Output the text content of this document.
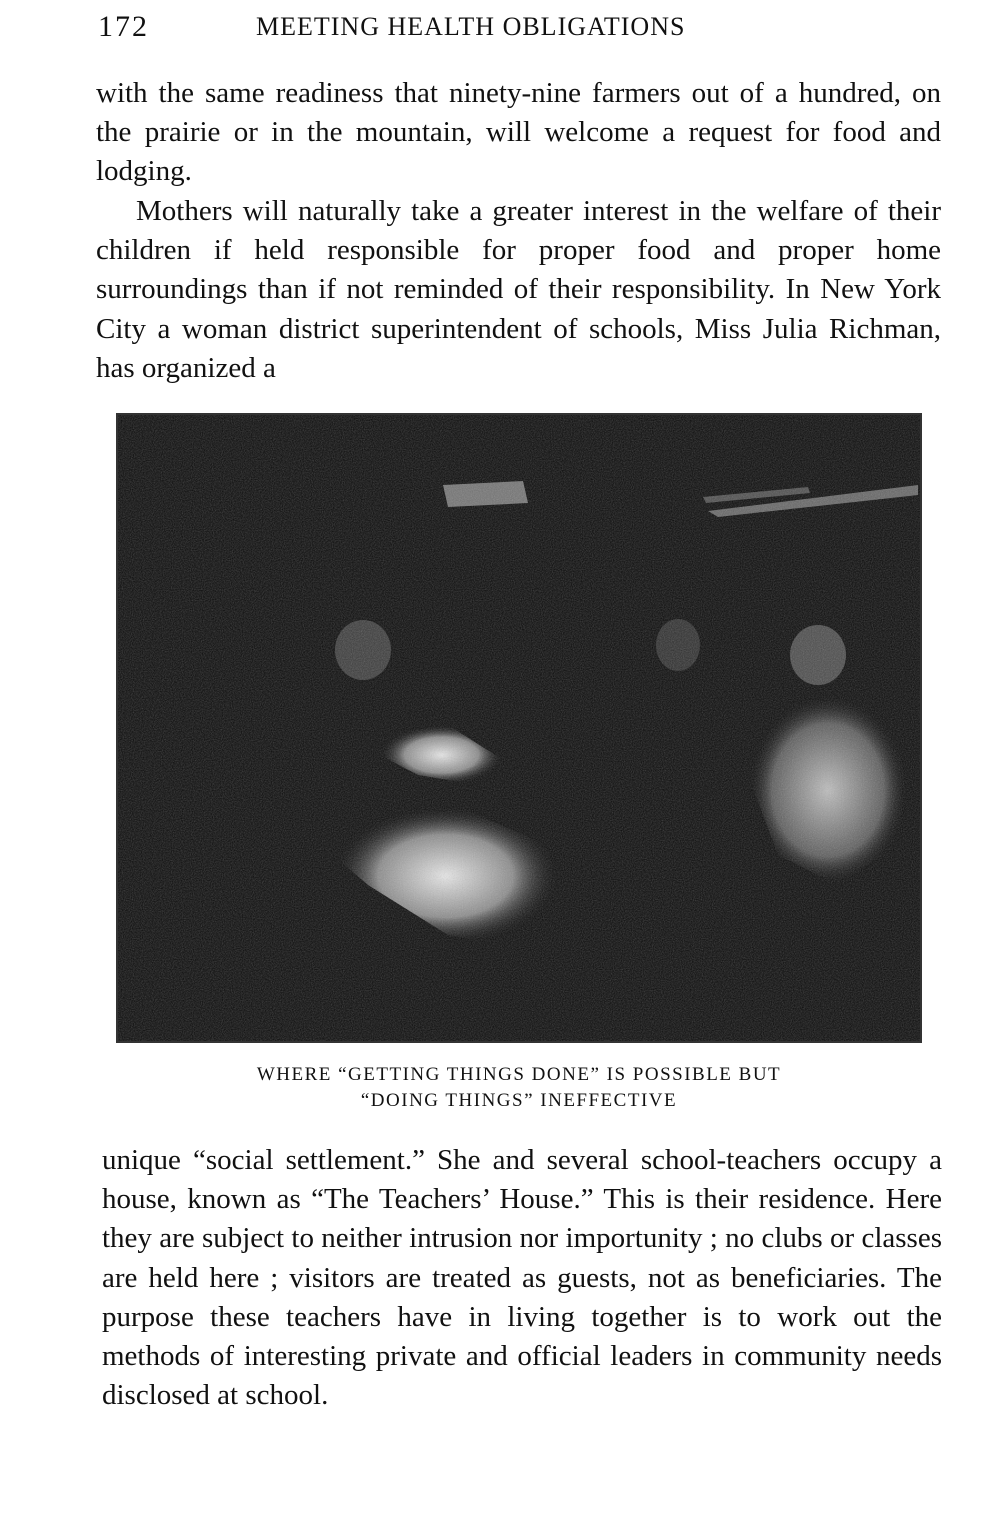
172	MEETING HEALTH OBLIGATIONS

with the same readiness that ninety-nine farmers out of a hundred, on the prairie or in the mountain, will welcome a request for food and lodging.

Mothers will naturally take a greater interest in the welfare of their children if held responsible for proper food and proper home surroundings than if not reminded of their responsibility. In New York City a woman district superintendent of schools, Miss Julia Richman, has organized a

WHERE “GETTING THINGS DONE” IS POSSIBLE BUT
“DOING THINGS” INEFFECTIVE

unique “social settlement.” She and several school-teachers occupy a house, known as “The Teachers’ House.” This is their residence. Here they are subject to neither intrusion nor importunity ; no clubs or classes are held here ; visitors are treated as guests, not as beneficiaries. The purpose these teachers have in living together is to work out the methods of interesting private and official leaders in community needs disclosed at school.
